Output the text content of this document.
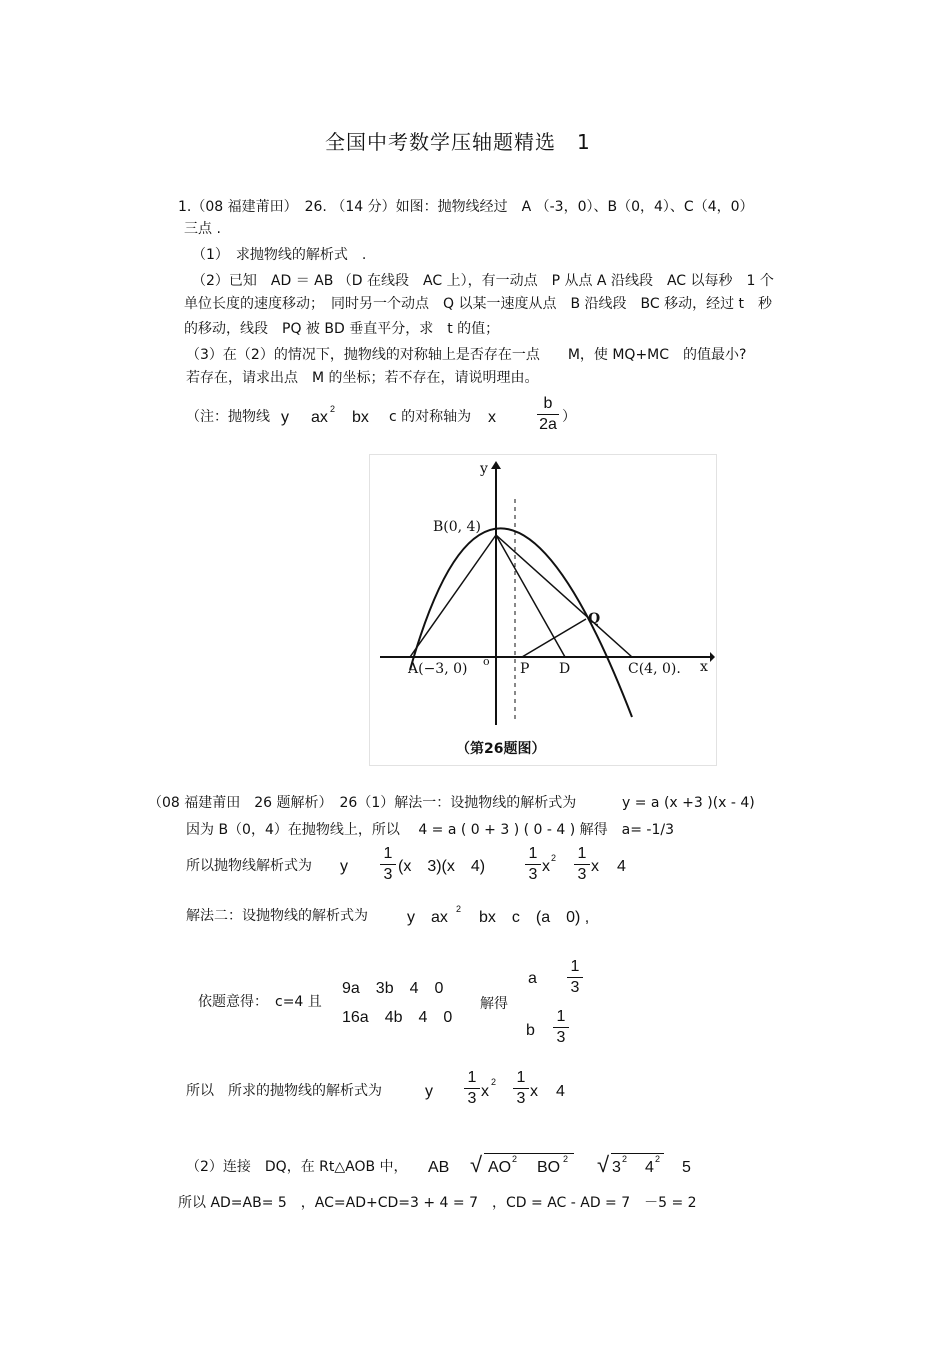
全国中考数学压轴题精选　1
1.（08 福建莆田）　26. （14 分）如图：抛物线经过　A （-3，0）、B（0，4）、C（4，0）
三点 .
（1）　求抛物线的解析式　.
（2）已知　AD ＝ AB （D 在线段　AC 上），有一动点　P 从点 A 沿线段　AC 以每秒　1 个
单位长度的速度移动；　同时另一个动点　Q 以某一速度从点　B 沿线段　BC 移动，经过 t　秒
的移动，线段　PQ 被 BD 垂直平分，求　t 的值；
（3）在（2）的情况下，抛物线的对称轴上是否存在一点　　M，使 MQ+MC　的值最小?
若存在，请求出点　M 的坐标；若不存在，请说明理由。
（注：抛物线 y ax 2 bx c 的对称轴为 x
b
2a ）
B(0, 4)
A(−3, 0) o P D
Q
C(4, 0). x
y
（第26题图）
（08 福建莆田　26 题解析）　26（1）解法一：设抛物线的解析式为	y = a (x +3 )(x - 4)
因为 B（0，4）在抛物线上，所以　 4 = a ( 0 + 3 ) ( 0 - 4 ) 解得　a= -1/3
所以抛物线解析式为 y
1
3 (x　3)(x　4)
1
3 x 2	1
3 x 4
解法二：设抛物线的解析式为 y　ax 2 bx　c　(a　0) ,
依题意得：　c=4 且
9a　3b　4　0
16a　4b　4　0
解得
a
1
3
b
1
3
所以　所求的抛物线的解析式为	y
1
3 x
2	1
3 x 4
（2）连接　DQ，在 Rt△AOB 中， AB √ AO 2 BO 2 √ 3 2 4 2 5
所以 AD=AB= 5　，AC=AD+CD=3 + 4 = 7　，CD = AC - AD = 7　－5 = 2
